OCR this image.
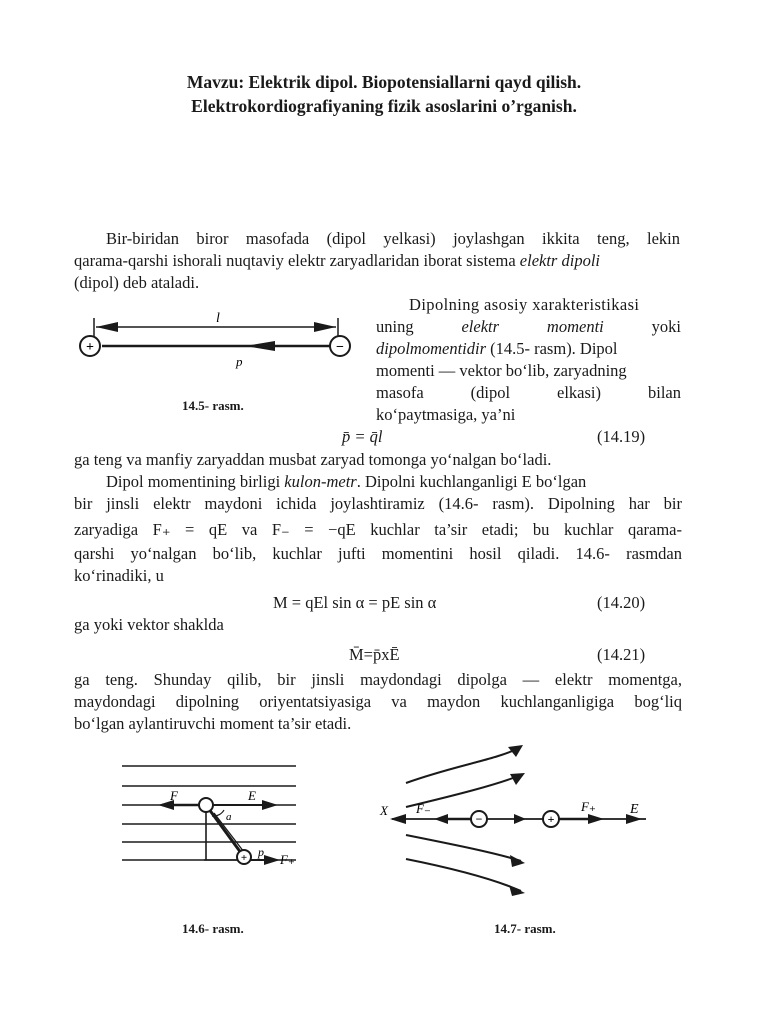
Mavzu: Elektrik dipol. Biopotensiallarni qayd qilish.
Elektrokordiografiyaning fizik asoslarini o’rganish.
Bir-biridan biror masofada (dipol yelkasi) joylashgan ikkita teng, lekin
qarama-qarshi ishorali nuqtaviy elektr zaryadlaridan iborat sistema elektr dipoli
(dipol) deb ataladi.
Dipolning asosiy xarakteristikasi
uning elektr momenti yoki
dipolmomentidir (14.5- rasm). Dipol
momenti — vektor bo‘lib, zaryadning
masofa (dipol elkasi) bilan
ko‘paytmasiga, ya’ni
+	−
l
p
14.5- rasm.
p̄ = q̄l	(14.19)
ga teng va manfiy zaryaddan musbat zaryad tomonga yo‘nalgan bo‘ladi.
Dipol momentining birligi kulon-metr. Dipolni kuchlanganligi E bo‘lgan
bir jinsli elektr maydoni ichida joylashtiramiz (14.6- rasm). Dipolning har bir
zaryadiga F₊ = qE va F₋ = −qE kuchlar ta’sir etadi; bu kuchlar qarama-
qarshi yo‘nalgan bo‘lib, kuchlar jufti momentini hosil qiladi. 14.6- rasmdan
ko‘rinadiki, u
M = qEl sin α = pE sin α	(14.20)
ga yoki vektor shaklda
M̄=p̄xĒ	(14.21)
ga teng. Shunday qilib, bir jinsli maydondagi dipolga — elektr momentga,
maydondagi dipolning oriyentatsiyasiga va maydon kuchlanganligiga bog‘liq
bo‘lgan aylantiruvchi moment ta’sir etadi.
+
F	E
a
p F₊
14.6- rasm.
−	+
X F₋	F₊ E
14.7- rasm.
